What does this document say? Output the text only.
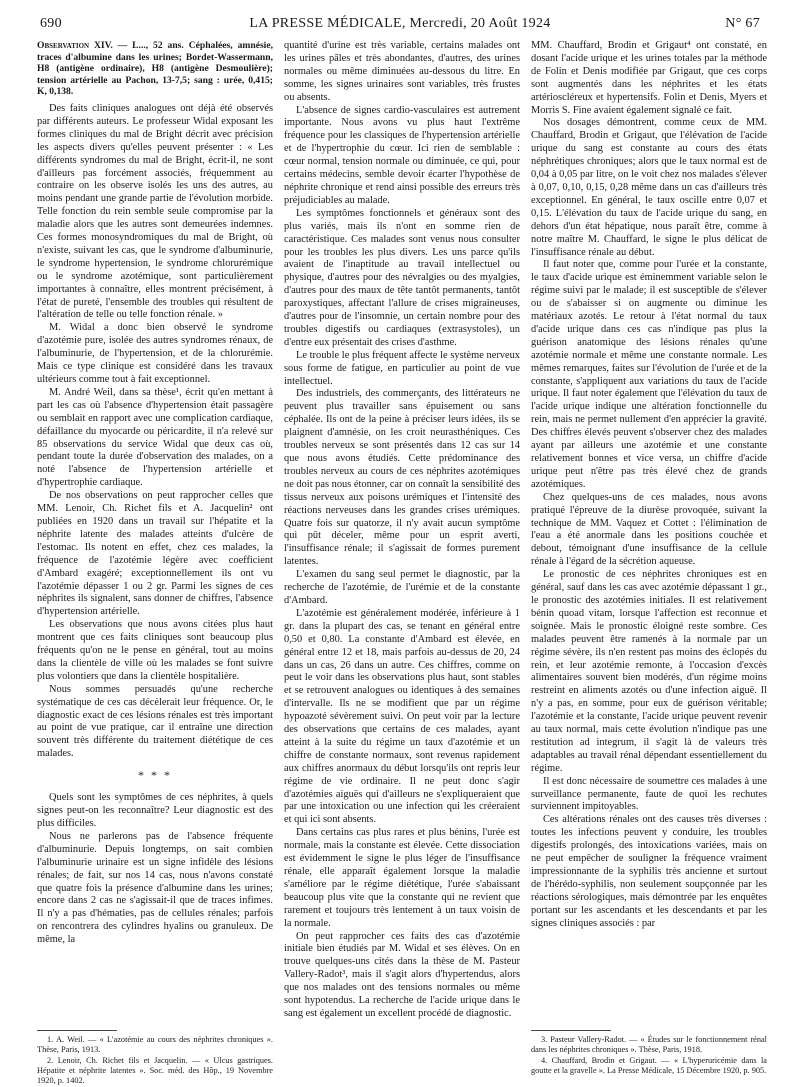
690	LA PRESSE MÉDICALE, Mercredi, 20 Août 1924	N° 67

Observation XIV. — L..., 52 ans. Céphalées, amnésie, traces d'albumine dans les urines; Bordet-Wassermann, H8 (antigène ordinaire), H8 (antigène Desmoulière); tension artérielle au Pachon, 13-7,5; sang : urée, 0,415; K, 0,138.

Des faits cliniques analogues ont déjà été observés par différents auteurs. Le professeur Widal exposant les formes cliniques du mal de Bright décrit avec précision les aspects divers qu'elles peuvent présenter : « Les différents syndromes du mal de Bright, écrit-il, ne sont d'ailleurs pas forcément associés, fréquemment au contraire on les observe isolés les uns des autres, au moins pendant une grande partie de l'évolution morbide. Telle fonction du rein semble seule compromise par la maladie alors que les autres sont demeurées indemnes. Ces formes monosyndromiques du mal de Bright, où n'existe, suivant les cas, que le syndrome d'albuminurie, le syndrome hypertension, le syndrome chlorurémique ou le syndrome azotémique, sont particulièrement importantes à connaître, elles montrent précisément, à l'état de pureté, l'ensemble des troubles qui résultent de l'altération de telle ou telle fonction rénale. »

M. Widal a donc bien observé le syndrome d'azotémie pure, isolée des autres syndromes rénaux, de l'albuminurie, de l'hypertension, et de la chlorurémie. Mais ce type clinique est considéré dans les travaux ultérieurs comme tout à fait exceptionnel.

M. André Weil, dans sa thèse¹, écrit qu'en mettant à part les cas où l'absence d'hypertension était passagère ou semblait en rapport avec une complication cardiaque, défaillance du myocarde ou péricardite, il n'a relevé sur 85 observations du service Widal que deux cas où, pendant toute la durée d'observation des malades, on a noté l'absence de l'hypertension artérielle et d'hypertrophie cardiaque.

De nos observations on peut rapprocher celles que MM. Lenoir, Ch. Richet fils et A. Jacquelin² ont publiées en 1920 dans un travail sur l'hépatite et la néphrite latente des malades atteints d'ulcère de l'estomac. Ils notent en effet, chez ces malades, la fréquence de l'azotémie légère avec coefficient d'Ambard exagéré; exceptionnellement ils ont vu l'azotémie dépasser 1 ou 2 gr. Parmi les signes de ces néphrites ils signalent, sans donner de chiffres, l'absence d'hypertension artérielle.

Les observations que nous avons citées plus haut montrent que ces faits cliniques sont beaucoup plus fréquents qu'on ne le pense en général, tout au moins dans la clientèle de ville où les malades se font suivre plus volontiers que dans la clientèle hospitalière.

Nous sommes persuadés qu'une recherche systématique de ces cas décèlerait leur fréquence. Or, le diagnostic exact de ces lésions rénales est très important au point de vue pratique, car il entraîne une direction souvent très différente du traitement diététique de ces malades.

* * *

Quels sont les symptômes de ces néphrites, à quels signes peut-on les reconnaître? Leur diagnostic est des plus difficiles.

Nous ne parlerons pas de l'absence fréquente d'albuminurie. Depuis longtemps, on sait combien l'albuminurie urinaire est un signe infidèle des lésions rénales; de fait, sur nos 14 cas, nous n'avons constaté que quatre fois la présence d'albumine dans les urines; encore dans 2 cas ne s'agissait-il que de traces infimes. Il n'y a pas d'hématies, pas de cellules rénales; parfois on rencontrera des cylindres hyalins ou granuleux. De même, la

quantité d'urine est très variable, certains malades ont les urines pâles et très abondantes, d'autres, des urines normales ou même diminuées au-dessous du litre. En somme, les signes urinaires sont variables, très frustes ou absents.

L'absence de signes cardio-vasculaires est autrement importante. Nous avons vu plus haut l'extrême fréquence pour les classiques de l'hypertension artérielle et de l'hypertrophie du cœur. Ici rien de semblable : cœur normal, tension normale ou diminuée, ce qui, pour certains médecins, semble devoir écarter l'hypothèse de néphrite chronique et rend ainsi possible des erreurs très préjudiciables au malade.

Les symptômes fonctionnels et généraux sont des plus variés, mais ils n'ont en somme rien de caractéristique. Ces malades sont venus nous consulter pour les troubles les plus divers. Les uns parce qu'ils avaient de l'inaptitude au travail intellectuel ou physique, d'autres pour des névralgies ou des myalgies, d'autres pour des maux de tête tantôt permanents, tantôt paroxystiques, affectant l'allure de crises migraineuses, d'autres pour de l'insomnie, un certain nombre pour des troubles digestifs ou cardiaques (extrasystoles), un d'entre eux présentait des crises d'asthme.

Le trouble le plus fréquent affecte le système nerveux sous forme de fatigue, en particulier au point de vue intellectuel.

Des industriels, des commerçants, des littérateurs ne peuvent plus travailler sans épuisement ou sans céphalée. Ils ont de la peine à préciser leurs idées, ils se plaignent d'amnésie, on les croit neurasthéniques. Ces troubles nerveux se sont présentés dans 12 cas sur 14 que nous avons étudiés. Cette prédominance des troubles nerveux au cours de ces néphrites azotémiques ne doit pas nous étonner, car on connaît la sensibilité des tissus nerveux aux poisons urémiques et l'intensité des réactions nerveuses dans les grandes crises urémiques. Quatre fois sur quatorze, il n'y avait aucun symptôme qui pût déceler, même pour un esprit averti, l'insuffisance rénale; il s'agissait de formes purement latentes.

L'examen du sang seul permet le diagnostic, par la recherche de l'azotémie, de l'urémie et de la constante d'Ambard.

L'azotémie est généralement modérée, inférieure à 1 gr. dans la plupart des cas, se tenant en général entre 0,50 et 0,80. La constante d'Ambard est élevée, en général entre 12 et 18, mais parfois au-dessus de 20, 24 dans un cas, 26 dans un autre. Ces chiffres, comme on peut le voir dans les observations plus haut, sont stables et se retrouvent analogues ou identiques à des semaines d'intervalle. Ils ne se modifient que par un régime hypoazoté sévèrement suivi. On peut voir par la lecture des observations que certains de ces malades, ayant atteint à la suite du régime un taux d'azotémie et un chiffre de constante normaux, sont revenus rapidement aux chiffres anormaux du début lorsqu'ils ont repris leur régime de vie ordinaire. Il ne peut donc s'agir d'azotémies aiguës qui d'ailleurs ne s'expliqueraient que par une intoxication ou une infection qui les créeraient et qui ici sont absents.

Dans certains cas plus rares et plus bénins, l'urée est normale, mais la constante est élevée. Cette dissociation est évidemment le signe le plus léger de l'insuffisance rénale, elle apparaît également lorsque la maladie s'améliore par le régime diététique, l'urée s'abaissant beaucoup plus vite que la constante qui ne revient que rarement et toujours très lentement à un taux voisin de la normale.

On peut rapprocher ces faits des cas d'azotémie initiale bien étudiés par M. Widal et ses élèves. On en trouve quelques-uns cités dans la thèse de M. Pasteur Vallery-Radot³, mais il s'agit alors d'hypertendus, alors que nos malades ont des tensions normales ou même sont hypotendus. La recherche de l'acide urique dans le sang est également un excellent procédé de diagnostic.

MM. Chauffard, Brodin et Grigaut⁴ ont constaté, en dosant l'acide urique et les urines totales par la méthode de Folin et Denis modifiée par Grigaut, que ces corps sont augmentés dans les néphrites et les états artérioscléreux et hypertensifs. Folin et Denis, Myers et Morris S. Fine avaient également signalé ce fait.

Nos dosages démontrent, comme ceux de MM. Chauffard, Brodin et Grigaut, que l'élévation de l'acide urique du sang est constante au cours des états néphrétiques chroniques; alors que le taux normal est de 0,04 à 0,05 par litre, on le voit chez nos malades s'élever à 0,07, 0,10, 0,15, 0,28 même dans un cas d'ailleurs très exceptionnel. En général, le taux oscille entre 0,07 et 0,15. L'élévation du taux de l'acide urique du sang, en dehors d'un état hépatique, nous paraît être, comme à notre maître M. Chauffard, le signe le plus délicat de l'insuffisance rénale au début.

Il faut noter que, comme pour l'urée et la constante, le taux d'acide urique est éminemment variable selon le régime suivi par le malade; il est susceptible de s'élever ou de s'abaisser si on augmente ou diminue les matériaux azotés. Le retour à l'état normal du taux d'acide urique dans ces cas n'indique pas plus la guérison anatomique des lésions rénales qu'une azotémie normale et même une constante normale. Les mêmes remarques, faites sur l'évolution de l'urée et de la constante, s'appliquent aux variations du taux de l'acide urique. Il faut noter également que l'élévation du taux de l'acide urique indique une altération fonctionnelle du rein, mais ne permet nullement d'en apprécier la gravité. Des chiffres élevés peuvent s'observer chez des malades ayant par ailleurs une azotémie et une constante relativement bonnes et vice versa, un chiffre d'acide urique peut n'être pas très élevé chez de grands azotémiques.

Chez quelques-uns de ces malades, nous avons pratiqué l'épreuve de la diurèse provoquée, suivant la technique de MM. Vaquez et Cottet : l'élimination de l'eau a été anormale dans les positions couchée et debout, témoignant d'une insuffisance de la cellule rénale à l'égard de la sécrétion aqueuse.

Le pronostic de ces néphrites chroniques est en général, sauf dans les cas avec azotémie dépassant 1 gr., le pronostic des azotémies initiales. Il est relativement bénin quoad vitam, lorsque l'affection est reconnue et soignée. Mais le pronostic éloigné reste sombre. Ces malades peuvent être ramenés à la normale par un régime sévère, ils n'en restent pas moins des éclopés du rein, et leur azotémie remonte, à l'occasion d'excès alimentaires souvent bien modérés, d'un régime moins restreint en aliments azotés ou d'une infection aiguë. Il n'y a pas, en somme, pour eux de guérison véritable; l'azotémie et la constante, l'acide urique peuvent revenir au taux normal, mais cette évolution n'indique pas une restitution ad integrum, il s'agit là de valeurs très adaptables au travail rénal dépendant essentiellement du régime.

Il est donc nécessaire de soumettre ces malades à une surveillance permanente, faute de quoi les rechutes surviennent impitoyables.

Ces altérations rénales ont des causes très diverses : toutes les infections peuvent y conduire, les troubles digestifs prolongés, des intoxications variées, mais on ne peut empêcher de souligner la fréquence vraiment impressionnante de la syphilis très ancienne et surtout de l'hérédo-syphilis, non seulement soupçonnée par les réactions sérologiques, mais démontrée par les enquêtes portant sur les ascendants et les descendants et par les signes cliniques associés : par

1. A. Weil. — « L'azotémie au cours des néphrites chroniques ». Thèse, Paris, 1913.

2. Lenoir, Ch. Richet fils et Jacquelin. — « Ulcus gastriques. Hépatite et néphrite latentes ». Soc. méd. des Hôp., 19 Novembre 1920, p. 1402.

3. Pasteur Vallery-Radot. — « Études sur le fonctionnement rénal dans les néphrites chroniques ». Thèse, Paris, 1918.

4. Chauffard, Brodin et Grigaut. — « L'hyperuricémie dans la goutte et la gravelle ». La Presse Médicale, 15 Décembre 1920, p. 905.
